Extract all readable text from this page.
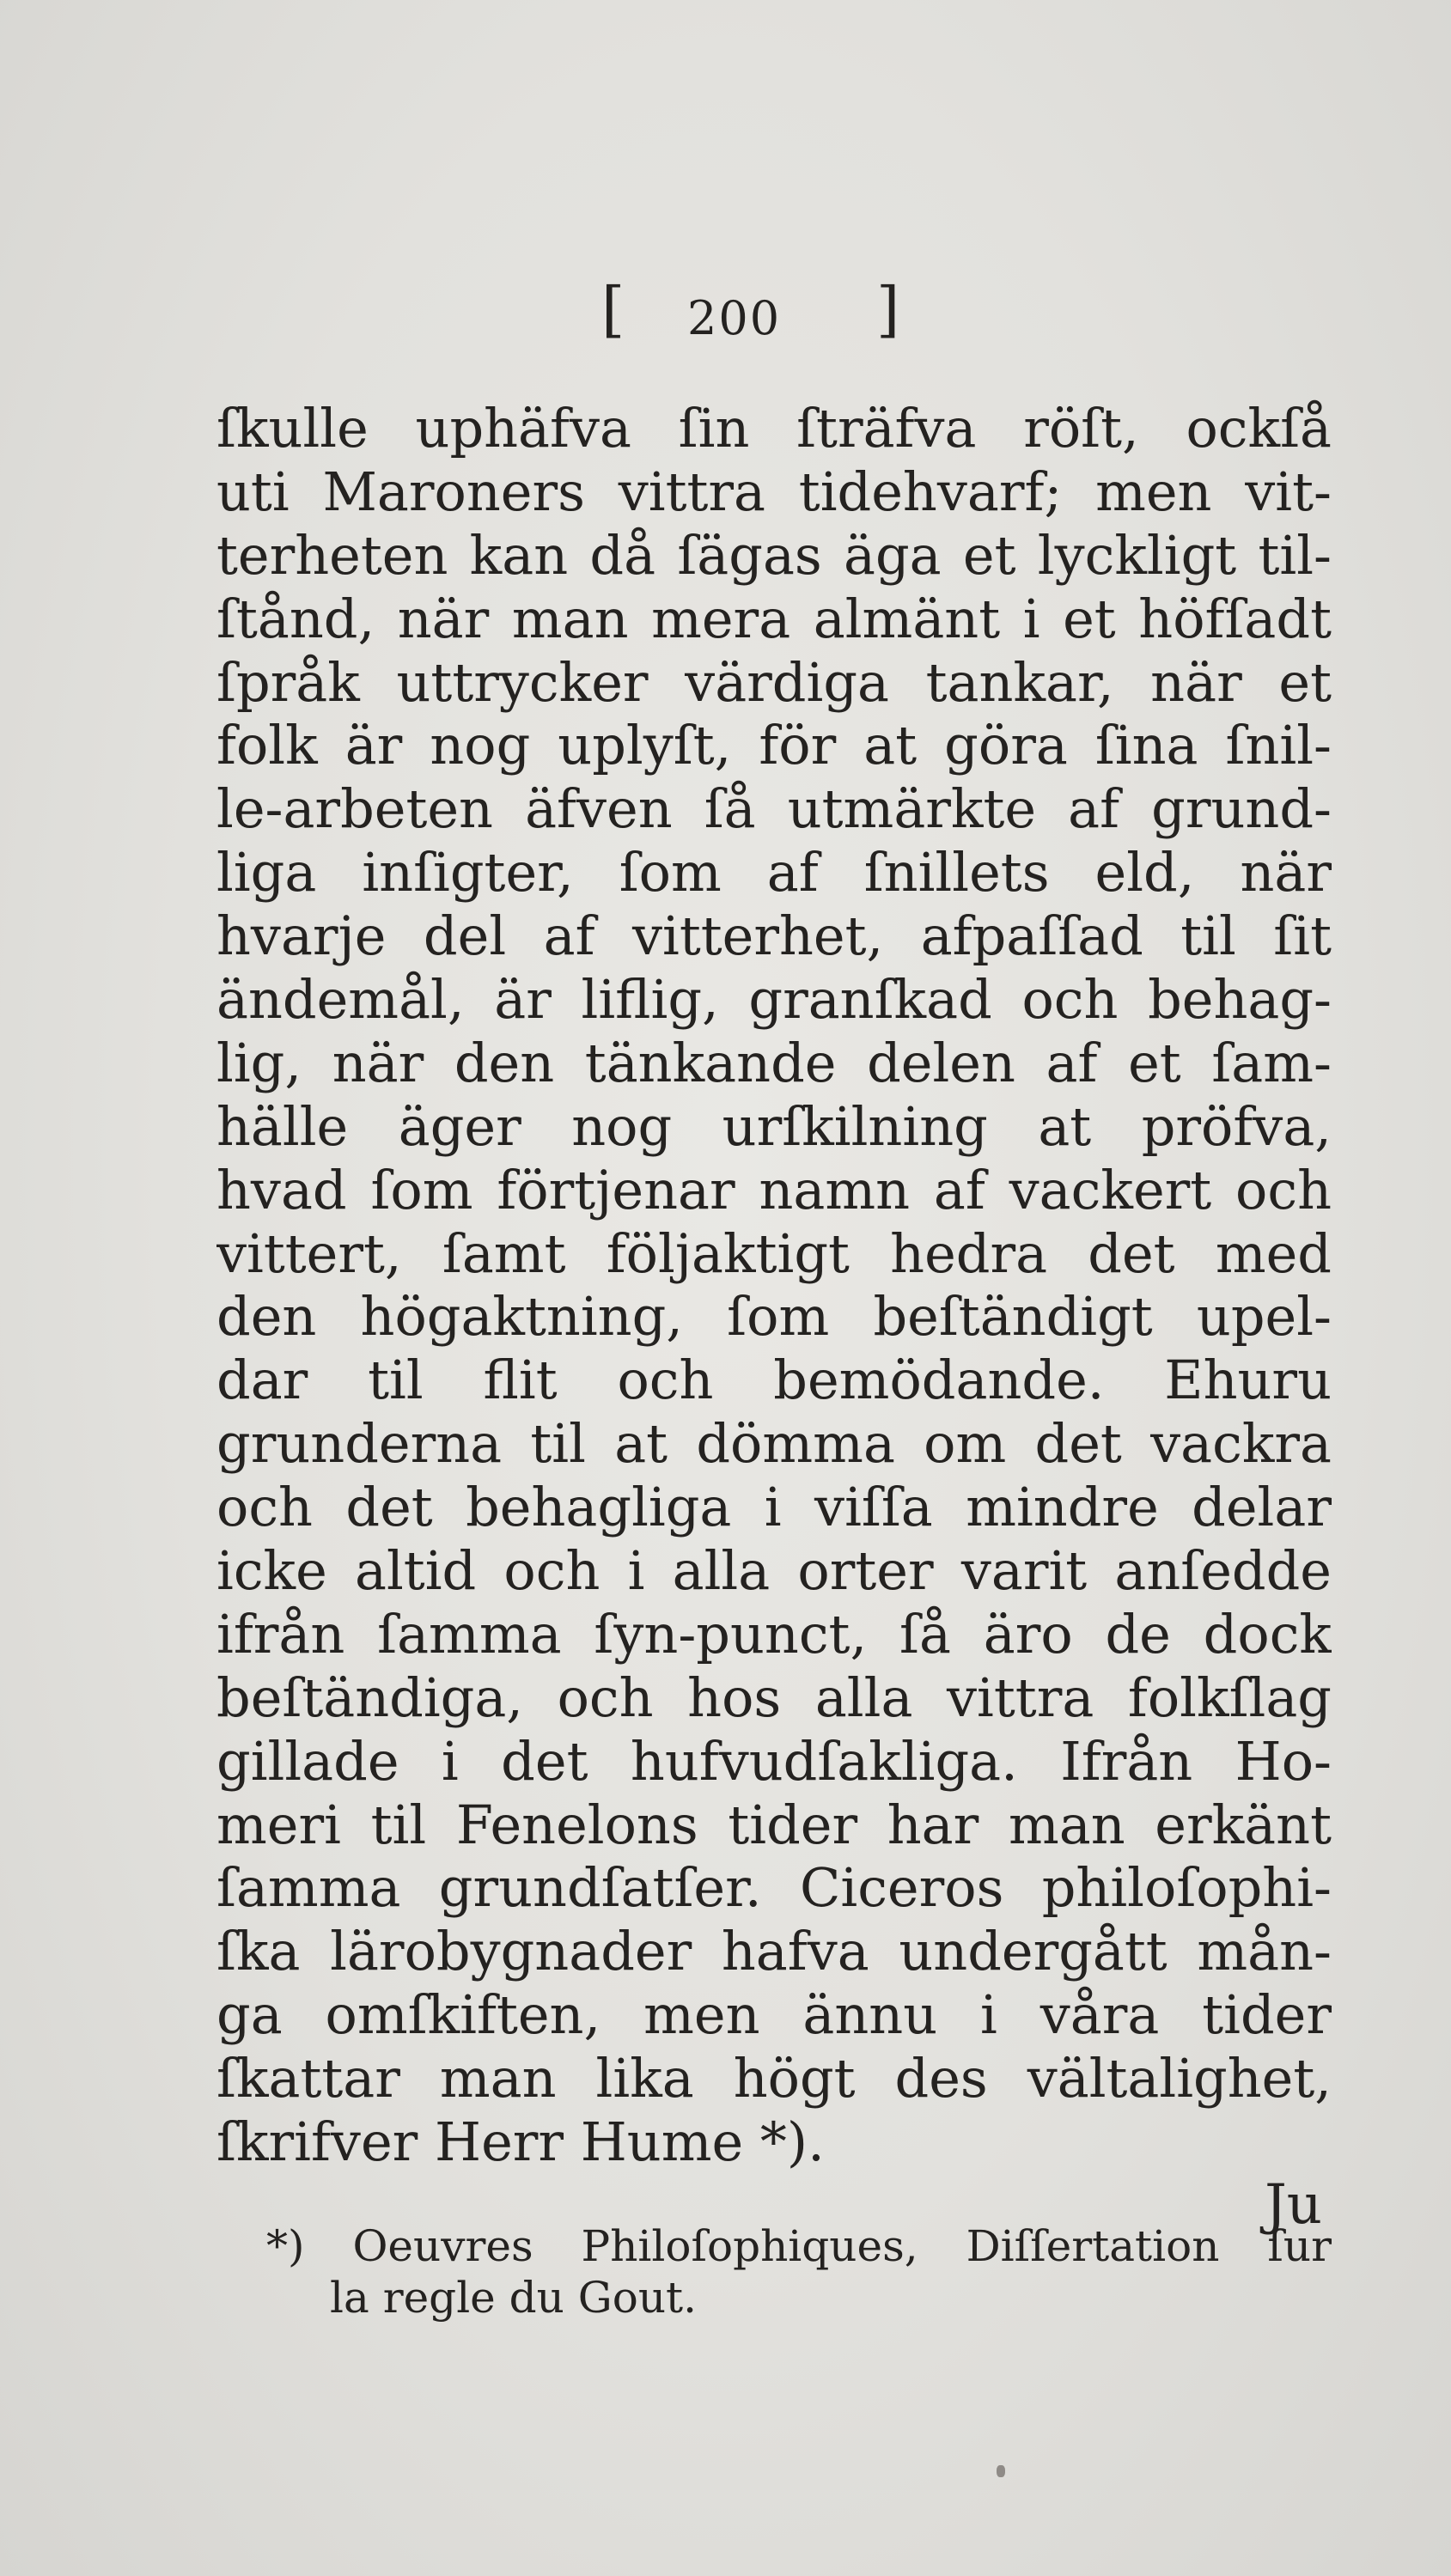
[

200

]

ſkulle uphäfva ſin ſträfva röſt, ockſå
uti Maroners vittra tidehvarf; men vit-
terheten kan då ſägas äga et lyckligt til-
ſtånd, när man mera almänt i et höfſadt
ſpråk uttrycker värdiga tankar, när et
folk är nog uplyſt, för at göra ſina ſnil-
le-arbeten äfven ſå utmärkte af grund-
liga inſigter, ſom af ſnillets eld, när
hvarje del af vitterhet, afpaſſad til ſit
ändemål, är liflig, granſkad och behag-
lig, när den tänkande delen af et ſam-
hälle äger nog urſkilning at pröfva,
hvad ſom förtjenar namn af vackert och
vittert, ſamt följaktigt hedra det med
den högaktning, ſom beſtändigt upel-
dar til flit och bemödande. Ehuru
grunderna til at dömma om det vackra
och det behagliga i viſſa mindre delar
icke altid och i alla orter varit anſedde
ifrån ſamma ſyn-punct, ſå äro de dock
beſtändiga, och hos alla vittra folkſlag
gillade i det hufvudſakliga. Ifrån Ho-
meri til Fenelons tider har man erkänt
ſamma grundſatſer. Ciceros philoſophi-
ſka lärobygnader hafva undergått mån-
ga omſkiften, men ännu i våra tider
ſkattar man lika högt des vältalighet,
ſkrifver Herr Hume *).
Ju
*) Oeuvres Philoſophiques, Diſſertation ſur
la regle du Gout.
